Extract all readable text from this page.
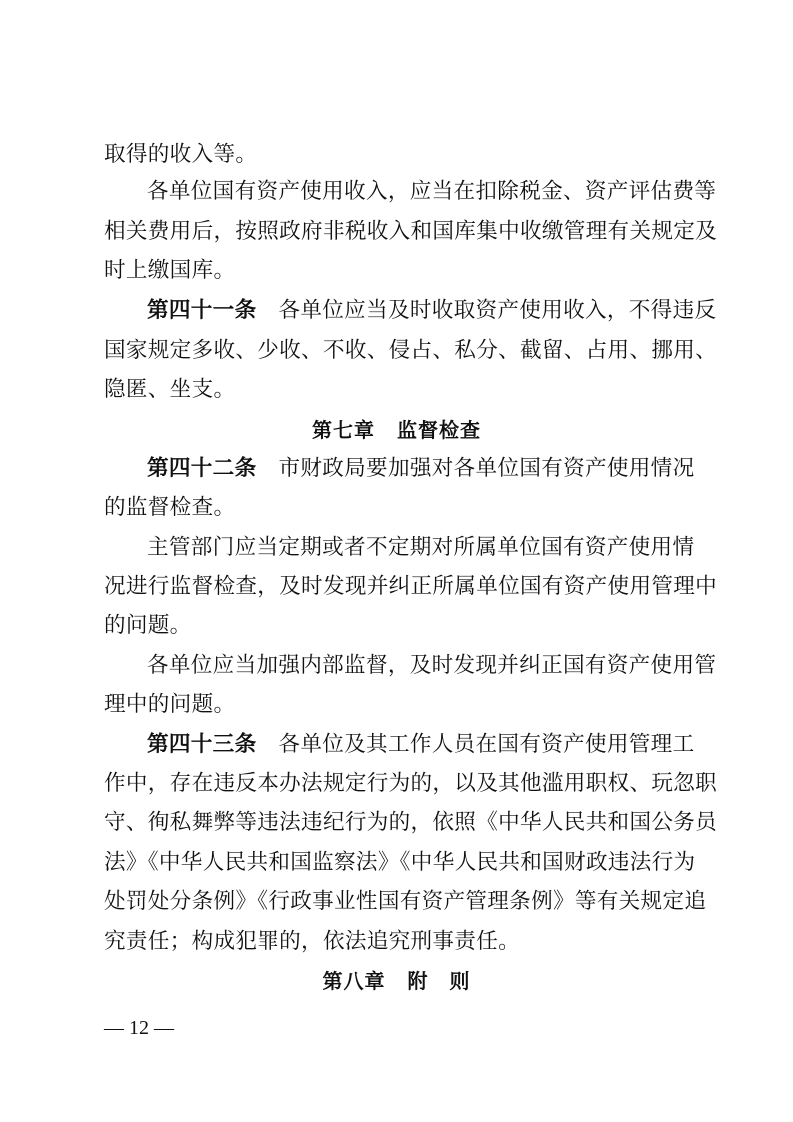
取得的收入等。
各单位国有资产使用收入，应当在扣除税金、资产评估费等
相关费用后，按照政府非税收入和国库集中收缴管理有关规定及
时上缴国库。
第四十一条 各单位应当及时收取资产使用收入，不得违反
国家规定多收、少收、不收、侵占、私分、截留、占用、挪用、
隐匿、坐支。
第七章 监督检查
第四十二条 市财政局要加强对各单位国有资产使用情况
的监督检查。
主管部门应当定期或者不定期对所属单位国有资产使用情
况进行监督检查，及时发现并纠正所属单位国有资产使用管理中
的问题。
各单位应当加强内部监督，及时发现并纠正国有资产使用管
理中的问题。
第四十三条 各单位及其工作人员在国有资产使用管理工
作中，存在违反本办法规定行为的，以及其他滥用职权、玩忽职
守、徇私舞弊等违法违纪行为的，依照《中华人民共和国公务员
法》《中华人民共和国监察法》《中华人民共和国财政违法行为
处罚处分条例》《行政事业性国有资产管理条例》等有关规定追
究责任；构成犯罪的，依法追究刑事责任。
第八章 附　则
— 12 —
